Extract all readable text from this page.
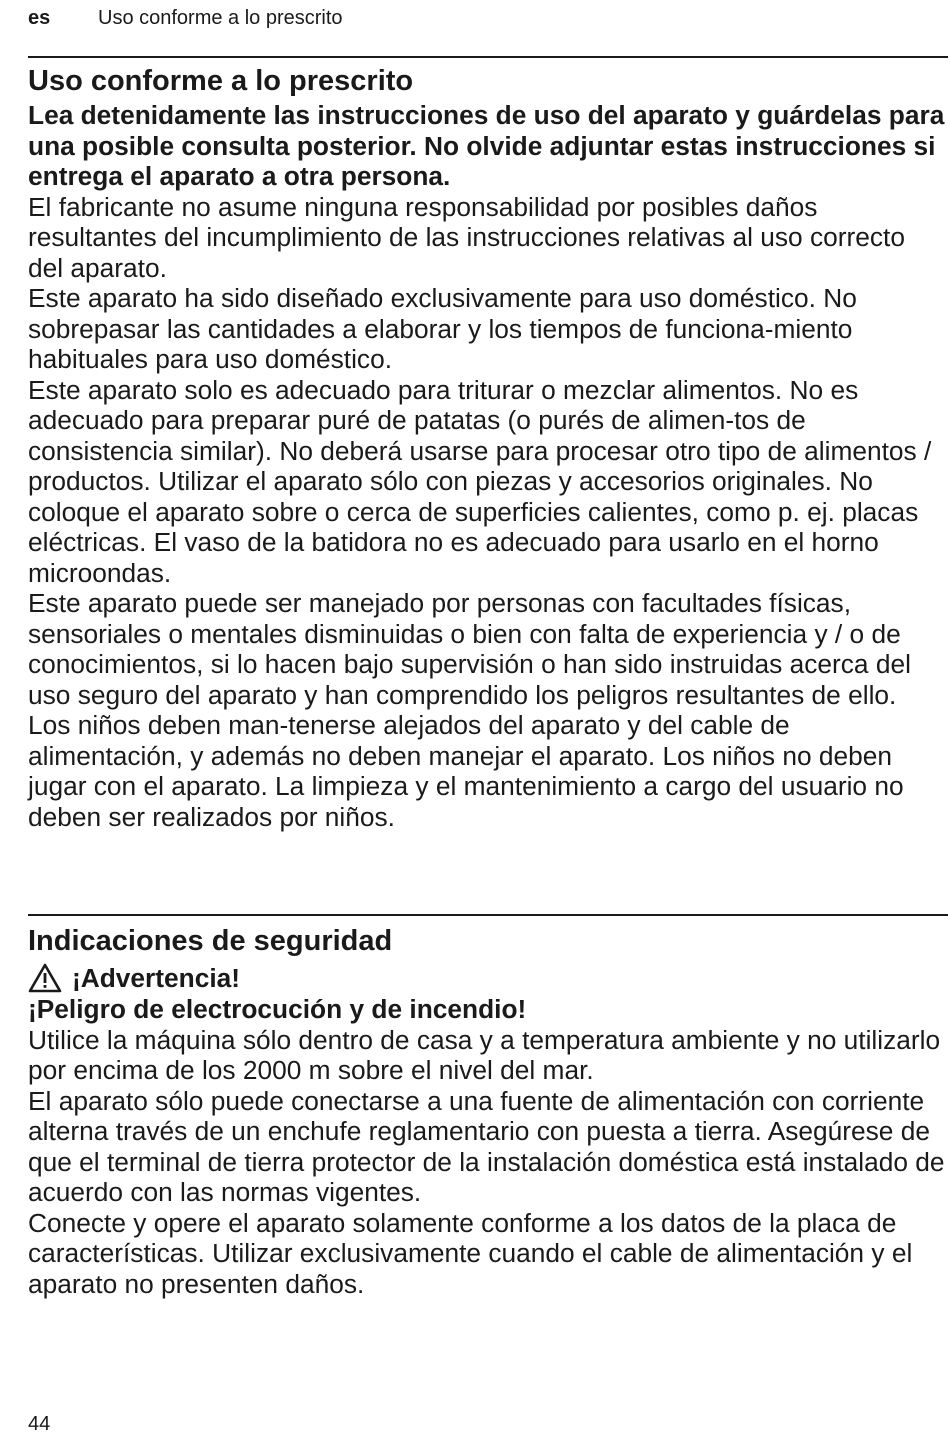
es Uso conforme a lo prescrito
Uso conforme a lo prescrito

Lea detenidamente las instrucciones de uso del aparato y guárdelas para una posible consulta posterior. No olvide adjuntar estas instrucciones si entrega el aparato a otra persona.

El fabricante no asume ninguna responsabilidad por posibles daños resultantes del incumplimiento de las instrucciones relativas al uso correcto del aparato.

Este aparato ha sido diseñado exclusivamente para uso doméstico. No sobrepasar las cantidades a elaborar y los tiempos de funciona-miento habituales para uso doméstico.

Este aparato solo es adecuado para triturar o mezclar alimentos. No es adecuado para preparar puré de patatas (o purés de alimen-tos de consistencia similar). No deberá usarse para procesar otro tipo de alimentos / productos. Utilizar el aparato sólo con piezas y accesorios originales. No coloque el aparato sobre o cerca de superficies calientes, como p. ej. placas eléctricas. El vaso de la batidora no es adecuado para usarlo en el horno microondas.

Este aparato puede ser manejado por personas con facultades físicas, sensoriales o mentales disminuidas o bien con falta de experiencia y / o de conocimientos, si lo hacen bajo supervisión o han sido instruidas acerca del uso seguro del aparato y han comprendido los peligros resultantes de ello. Los niños deben man-tenerse alejados del aparato y del cable de alimentación, y además no deben manejar el aparato. Los niños no deben jugar con el aparato. La limpieza y el mantenimiento a cargo del usuario no deben ser realizados por niños.

Indicaciones de seguridad
¡Advertencia!

¡Peligro de electrocución y de incendio!

Utilice la máquina sólo dentro de casa y a temperatura ambiente y no utilizarlo por encima de los 2000 m sobre el nivel del mar.

El aparato sólo puede conectarse a una fuente de alimentación con corriente alterna través de un enchufe reglamentario con puesta a tierra. Asegúrese de que el terminal de tierra protector de la instalación doméstica está instalado de acuerdo con las normas vigentes.

Conecte y opere el aparato solamente conforme a los datos de la placa de características. Utilizar exclusivamente cuando el cable de alimentación y el aparato no presenten daños.

44
